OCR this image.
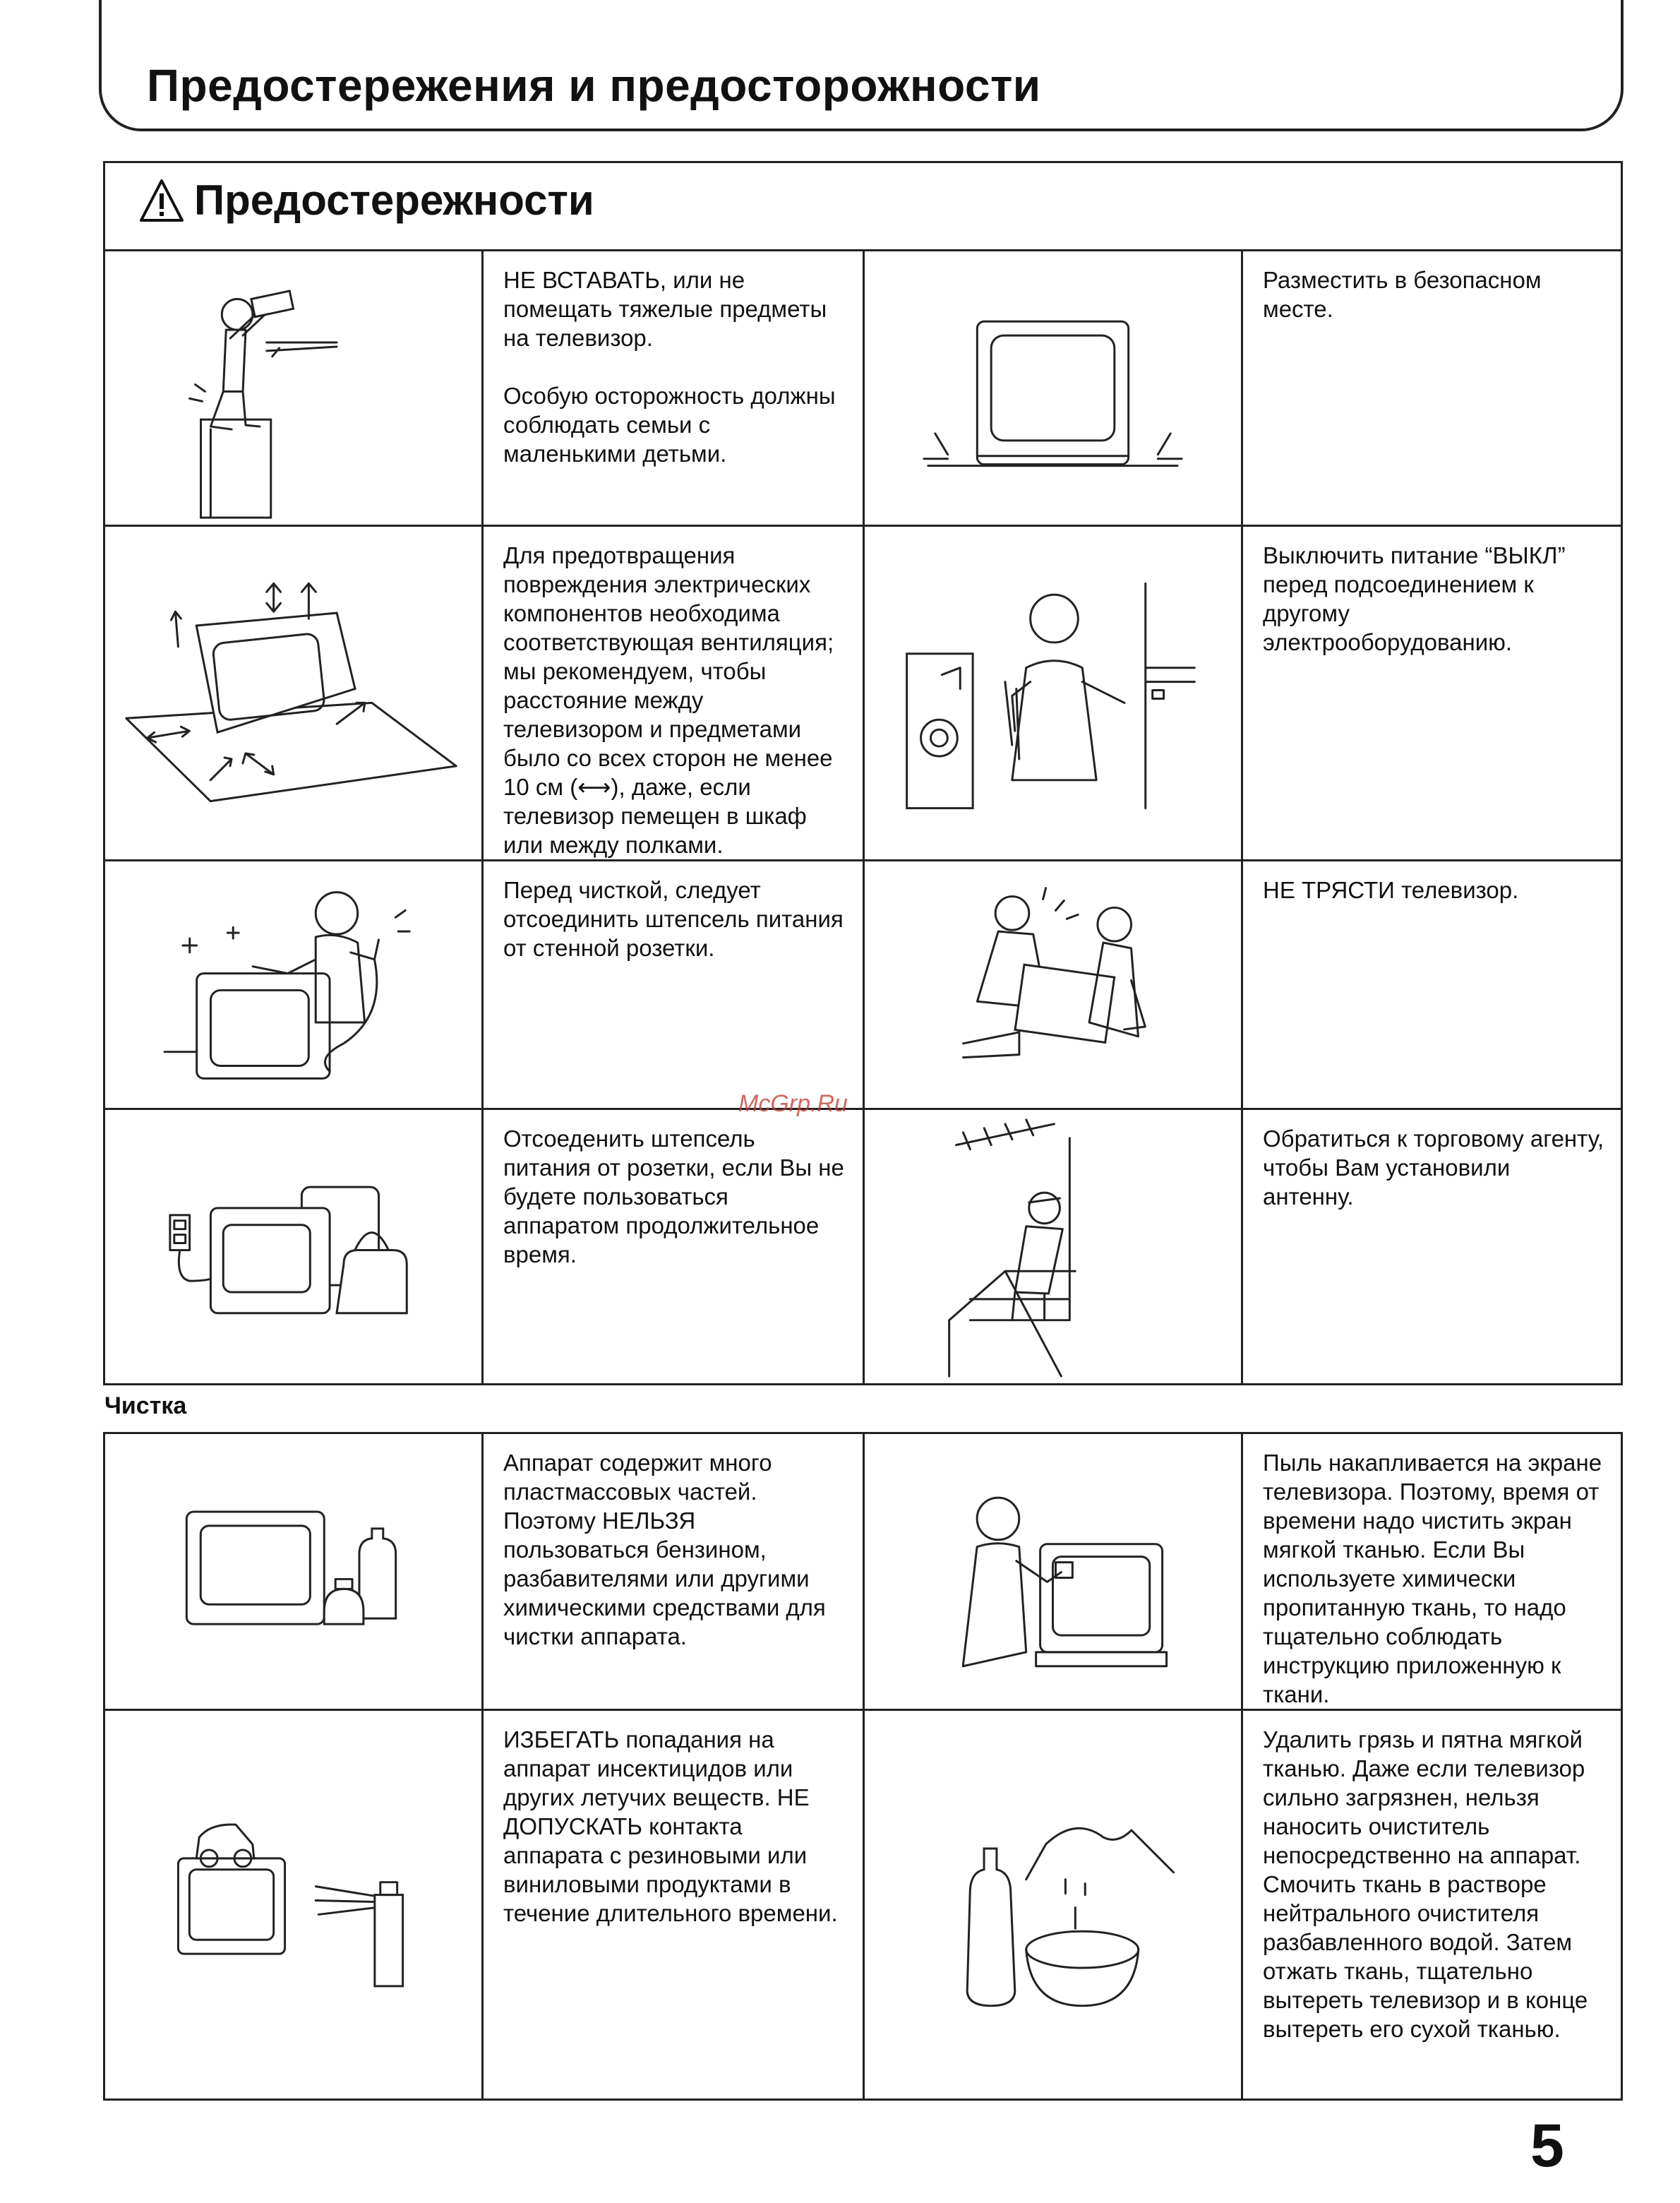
Предостережения и предосторожности
Предостережности			

НЕ ВСТАВАТЬ, или не помещать тяжелые предметы на телевизор.

Особую осторожность должны соблюдать семьи с маленькими детьми.		Разместить в безопасном месте.

Для предотвращения повреждения электрических компонентов необходима соответствующая вентиляция; мы рекомендуем, чтобы расстояние между телевизором и предметами было со всех сторон не менее 10 см (⟷), даже, если телевизор пемещен в шкаф или между полками.		Выключить питание “ВЫКЛ” перед подсоединением к другому электрооборудованию.

Перед чисткой, следует отсоединить штепсель питания от стенной розетки.		НЕ ТРЯСТИ телевизор.

Отсоеденить штепсель питания от розетки, если Вы не будете пользоваться аппаратом продолжительное время.		Обратиться к торговому агенту, чтобы Вам установили антенну.
McGrp.Ru
Чистка

Аппарат содержит много пластмассовых частей. Поэтому НЕЛЬЗЯ пользоваться бензином, разбавителями или другими химическими средствами для чистки аппарата.		Пыль накапливается на экране телевизора. Поэтому, время от времени надо чистить экран мягкой тканью. Если Вы используете химически пропитанную ткань, то надо тщательно соблюдать инструкцию приложенную к ткани.

ИЗБЕГАТЬ попадания на аппарат инсектицидов или других летучих веществ. НЕ ДОПУСКАТЬ контакта аппарата с резиновыми или виниловыми продуктами в течение длительного времени.		Удалить грязь и пятна мягкой тканью. Даже если телевизор сильно загрязнен, нельзя наносить очиститель непосредственно на аппарат. Смочить ткань в растворе нейтрального очистителя разбавленного водой. Затем отжать ткань, тщательно вытереть телевизор и в конце вытереть его сухой тканью.
5
